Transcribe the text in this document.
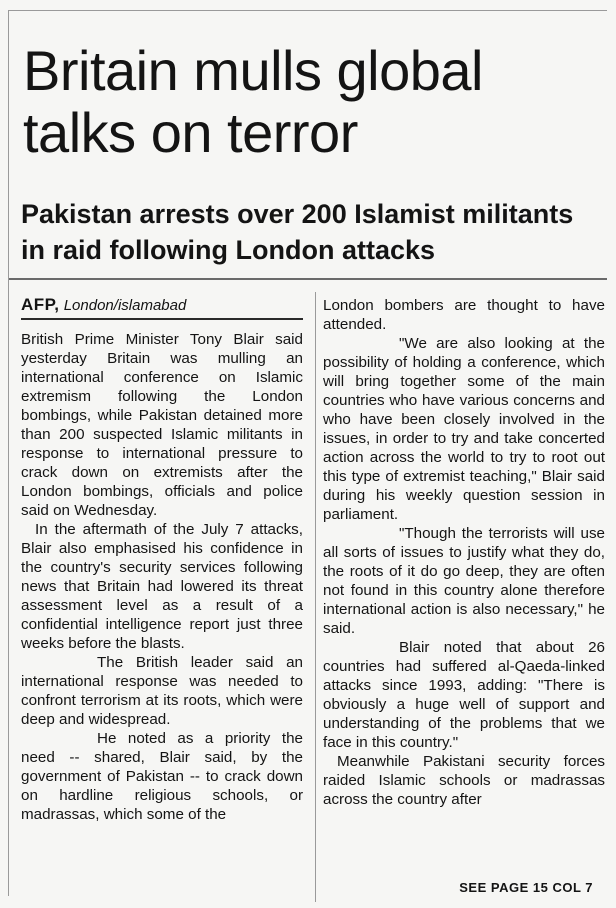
Britain mulls global talks on terror
Pakistan arrests over 200 Islamist militants in raid following London attacks
AFP, London/islamabad

British Prime Minister Tony Blair said yesterday Britain was mulling an international conference on Islamic extremism following the London bombings, while Pakistan detained more than 200 suspected Islamic militants in response to international pressure to crack down on extremists after the London bombings, officials and police said on Wednesday.

In the aftermath of the July 7 attacks, Blair also emphasised his confidence in the country's security services following news that Britain had lowered its threat assessment level as a result of a confidential intelligence report just three weeks before the blasts.

The British leader said an international response was needed to confront terrorism at its roots, which were deep and widespread.

He noted as a priority the need -- shared, Blair said, by the government of Pakistan -- to crack down on hardline religious schools, or madrassas, which some of the

London bombers are thought to have attended.

"We are also looking at the possibility of holding a conference, which will bring together some of the main countries who have various concerns and who have been closely involved in the issues, in order to try and take concerted action across the world to try to root out this type of extremist teaching," Blair said during his weekly question session in parliament.

"Though the terrorists will use all sorts of issues to justify what they do, the roots of it do go deep, they are often not found in this country alone therefore international action is also necessary," he said.

Blair noted that about 26 countries had suffered al-Qaeda-linked attacks since 1993, adding: "There is obviously a huge well of support and understanding of the problems that we face in this country."

Meanwhile Pakistani security forces raided Islamic schools or madrassas across the country after

SEE PAGE 15 COL 7
